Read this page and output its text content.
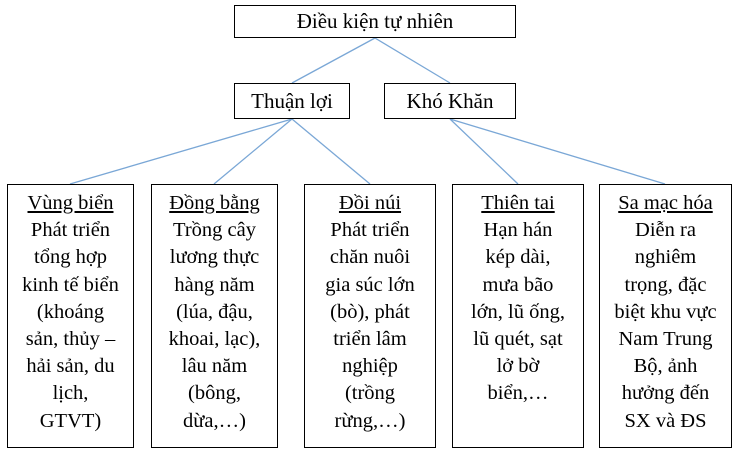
Điều kiện tự nhiên
Thuận lợi	Khó Khăn
Vùng biển
Phát triển
tổng hợp
kinh tế biển
(khoáng
sản, thủy –
hải sản, du
lịch,
GTVT)
Đồng bằng
Trồng cây
lương thực
hàng năm
(lúa, đậu,
khoai, lạc),
lâu năm
(bông,
dừa,…)
Đồi núi
Phát triển
chăn nuôi
gia súc lớn
(bò), phát
triển lâm
nghiệp
(trồng
rừng,…)
Thiên tai
Hạn hán
kép dài,
mưa bão
lớn, lũ ống,
lũ quét, sạt
lở bờ
biển,…
Sa mạc hóa
Diễn ra
nghiêm
trọng, đặc
biệt khu vực
Nam Trung
Bộ, ảnh
hưởng đến
SX và ĐS
